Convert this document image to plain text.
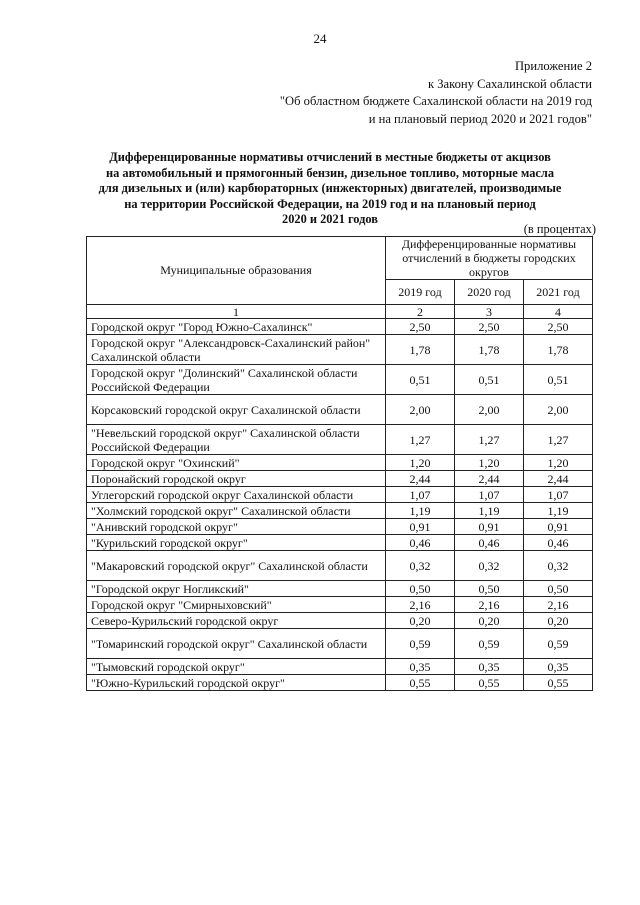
24
Приложение 2
к Закону Сахалинской области
"Об областном бюджете Сахалинской области на 2019 год
и на плановый период 2020 и 2021 годов"
Дифференцированные нормативы отчислений в местные бюджеты от акцизов
на автомобильный и прямогонный бензин, дизельное топливо, моторные масла
для дизельных и (или) карбюраторных (инжекторных) двигателей, производимые
на территории Российской Федерации, на 2019 год и на плановый период
2020 и 2021 годов
(в процентах)
Муниципальные образования	Дифференцированные нормативы отчислений в бюджеты городских округов		
	2019 год	2020 год	2021 год
1	2	3	4
Городской округ "Город Южно-Сахалинск"	2,50	2,50	2,50
Городской округ "Александровск-Сахалинский район" Сахалинской области	1,78	1,78	1,78
Городской округ "Долинский" Сахалинской области Российской Федерации	0,51	0,51	0,51
Корсаковский городской округ Сахалинской области	2,00	2,00	2,00
"Невельский городской округ" Сахалинской области Российской Федерации	1,27	1,27	1,27
Городской округ "Охинский"	1,20	1,20	1,20
Поронайский городской округ	2,44	2,44	2,44
Углегорский городской округ Сахалинской области	1,07	1,07	1,07
"Холмский городской округ" Сахалинской области	1,19	1,19	1,19
"Анивский городской округ"	0,91	0,91	0,91
"Курильский городской округ"	0,46	0,46	0,46
"Макаровский городской округ" Сахалинской области	0,32	0,32	0,32
"Городской округ Ногликский"	0,50	0,50	0,50
Городской округ "Смирныховский"	2,16	2,16	2,16
Северо-Курильский городской округ	0,20	0,20	0,20
"Томаринский городской округ" Сахалинской области	0,59	0,59	0,59
"Тымовский городской округ"	0,35	0,35	0,35
"Южно-Курильский городской округ"	0,55	0,55	0,55
